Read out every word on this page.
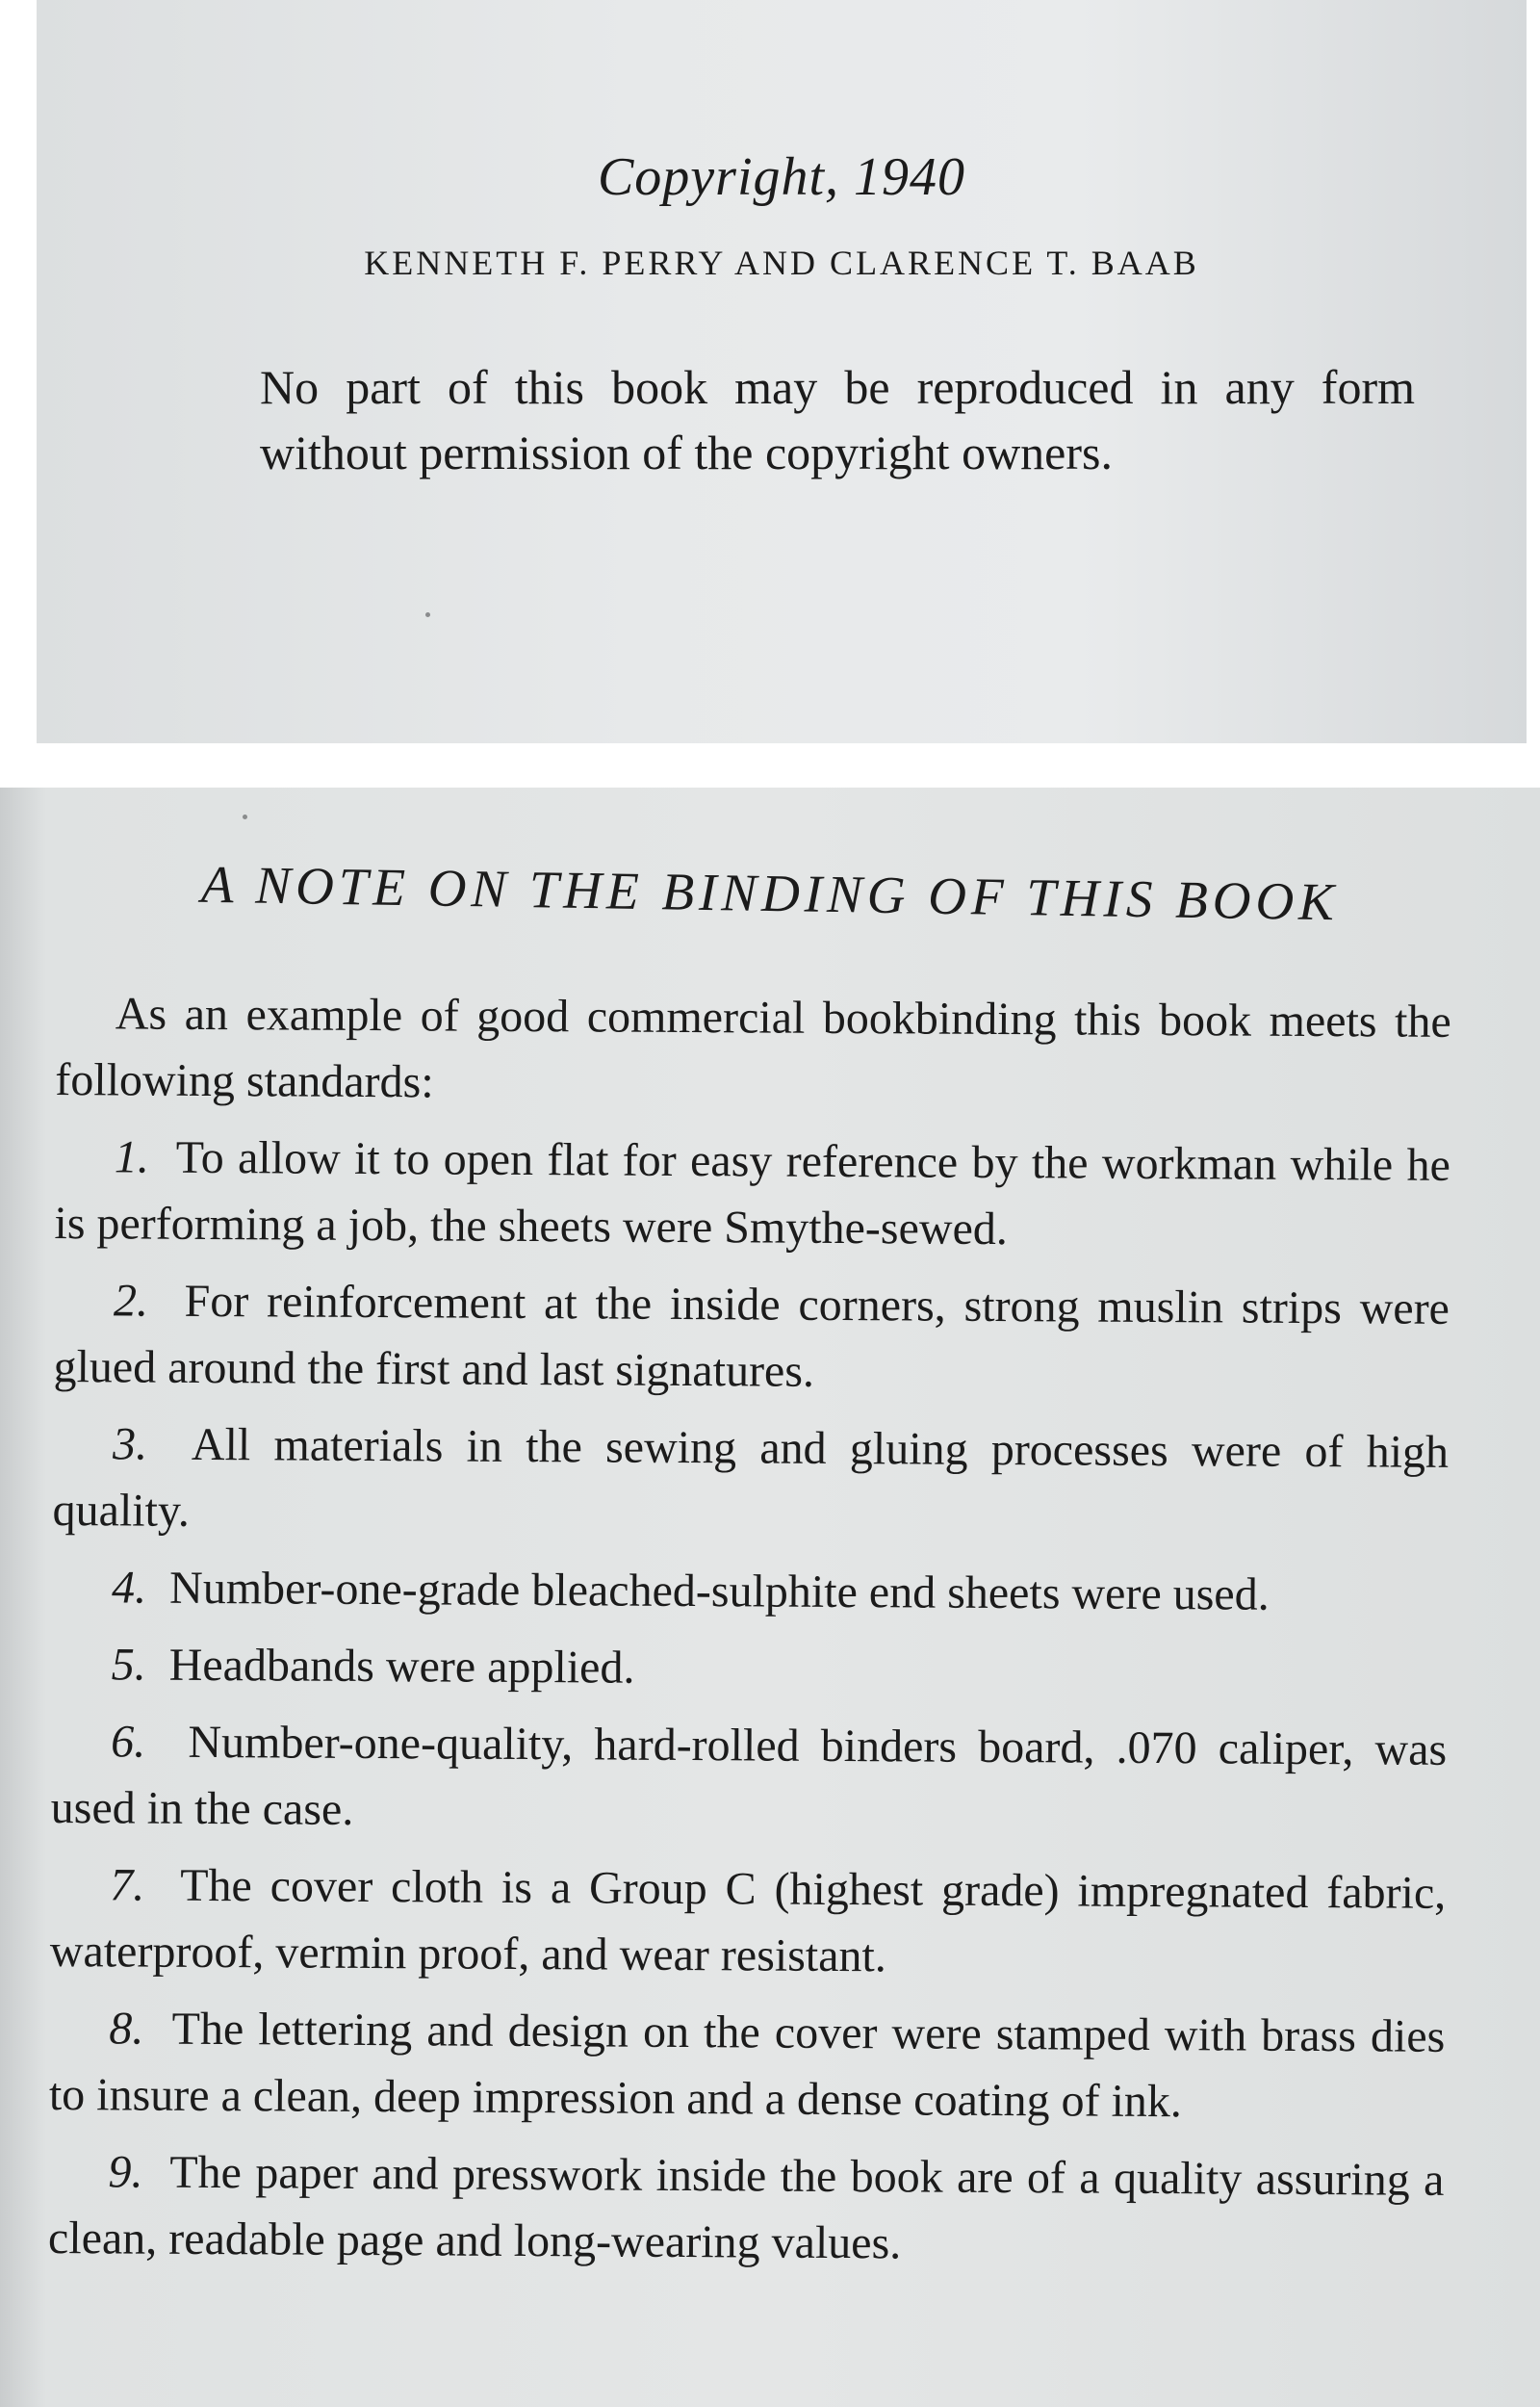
Copyright, 1940

KENNETH F. PERRY AND CLARENCE T. BAAB

No part of this book may be reproduced in any form without permission of the copyright owners.

A NOTE ON THE BINDING OF THIS BOOK

As an example of good commercial bookbinding this book meets the following standards:

1. To allow it to open flat for easy reference by the workman while he is performing a job, the sheets were Smythe-sewed.

2. For reinforcement at the inside corners, strong muslin strips were glued around the first and last signatures.

3. All materials in the sewing and gluing processes were of high quality.

4. Number-one-grade bleached-sulphite end sheets were used.

5. Headbands were applied.

6. Number-one-quality, hard-rolled binders board, .070 caliper, was used in the case.

7. The cover cloth is a Group C (highest grade) impregnated fabric, waterproof, vermin proof, and wear resistant.

8. The lettering and design on the cover were stamped with brass dies to insure a clean, deep impression and a dense coating of ink.

9. The paper and presswork inside the book are of a quality assuring a clean, readable page and long-wearing values.
